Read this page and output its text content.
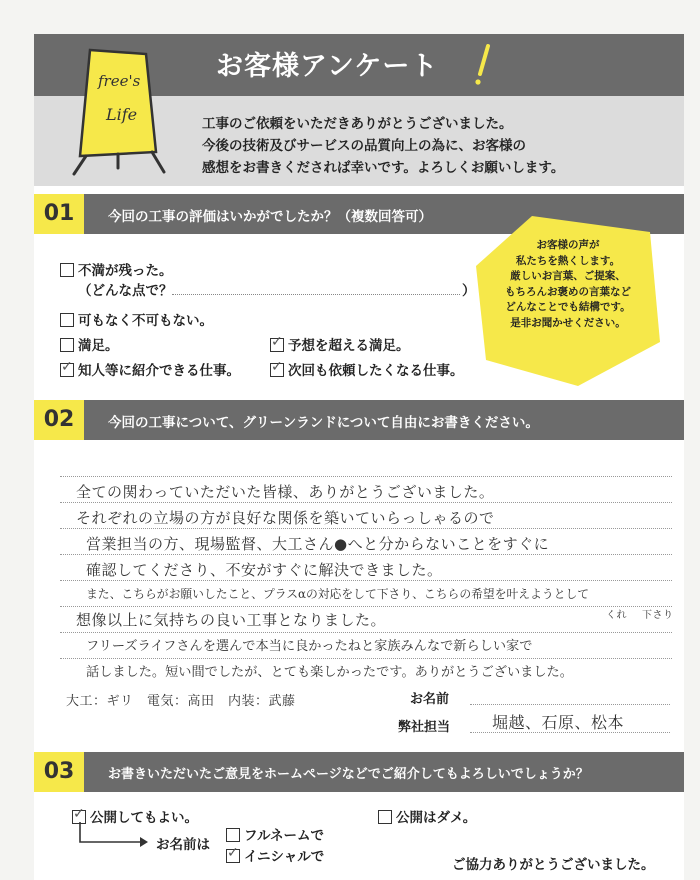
お客様アンケート
free's
Life	工事のご依頼をいただきありがとうございました。
今後の技術及びサービスの品質向上の為に、お客様の
感想をお書きくだされば幸いです。よろしくお願いします。
01	今回の工事の評価はいかがでしたか？（複数回答可）
不満が残った。
（どんな点で？	）
可もなく不可もない。
満足。	✓ 予想を超える満足。
✓ 知人等に紹介できる仕事。 ✓ 次回も依頼したくなる仕事。
お客様の声が
私たちを熱くします。
厳しいお言葉、ご提案、
もちろんお褒めの言葉など
どんなことでも結構です。
是非お聞かせください。
02	今回の工事について、グリーンランドについて自由にお書きください。
全ての関わっていただいた皆様、ありがとうございました。
それぞれの立場の方が良好な関係を築いていらっしゃるので
営業担当の方、現場監督、大工さん●へと分からないことをすぐに
確認してくださり、不安がすぐに解決できました。
また、こちらがお願いしたこと、プラスαの対応をして下さり、こちらの希望を叶えようとして
くれ 下さり
想像以上に気持ちの良い工事となりました。
フリーズライフさんを選んで本当に良かったねと家族みんなで新らしい家で
話しました。短い間でしたが、とても楽しかったです。ありがとうございました。
大工：ギリ　電気：高田　内装：武藤	お名前
弊社担当	堀越、石原、松本
03	お書きいただいたご意見をホームページなどでご紹介してもよろしいでしょうか？
✓ 公開してもよい。	公開はダメ。
お名前は
フルネームで
✓ イニシャルで	ご協力ありがとうございました。
